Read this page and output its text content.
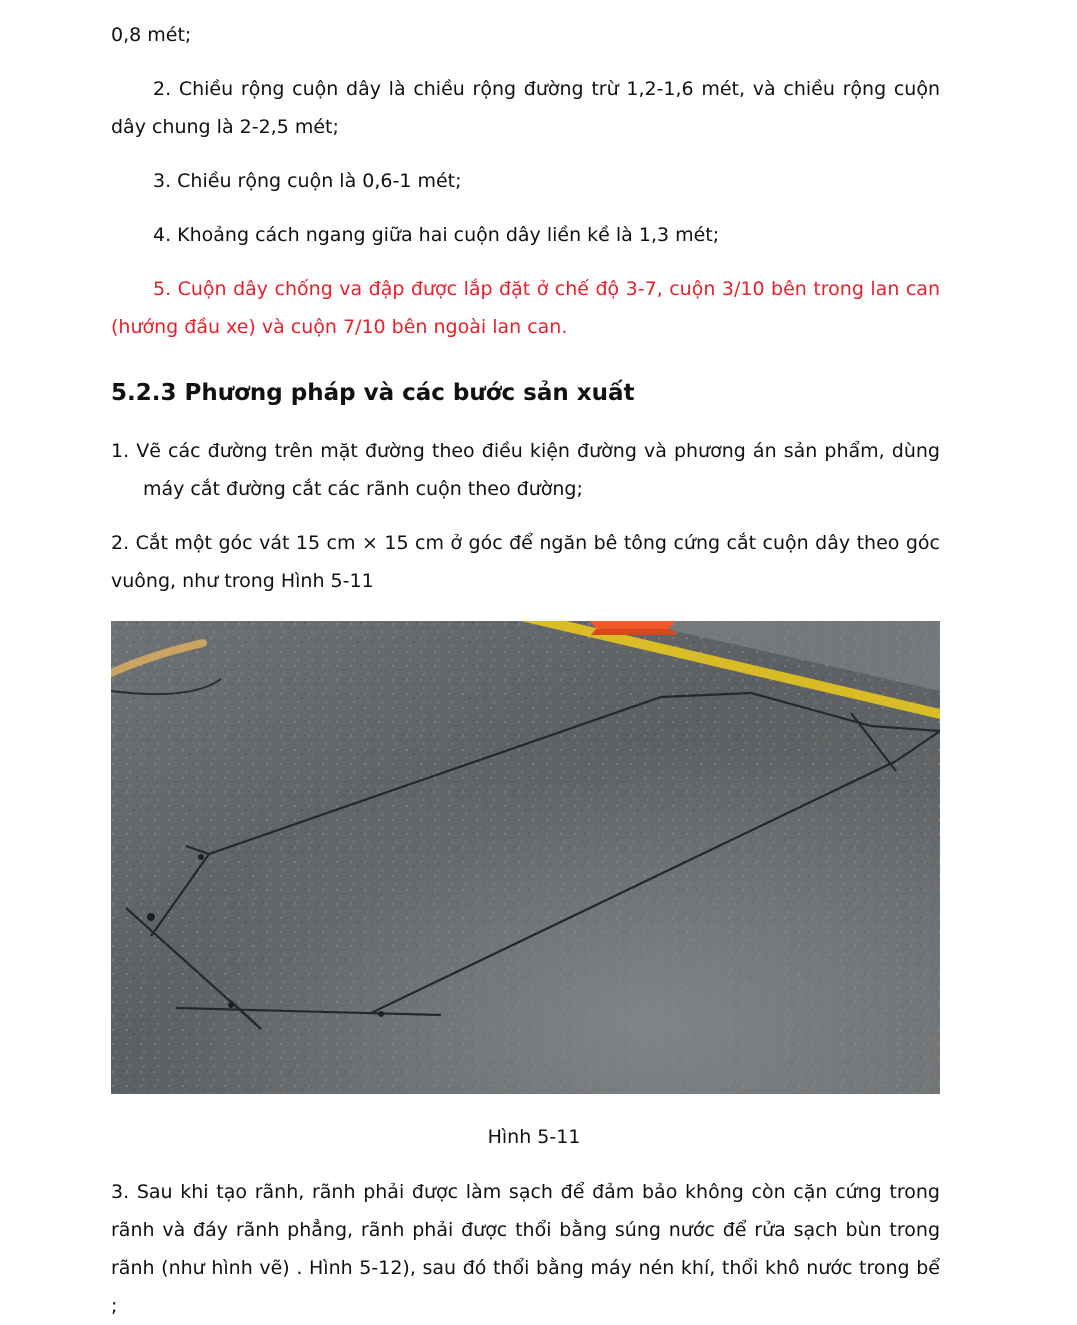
0,8 mét;

2. Chiều rộng cuộn dây là chiều rộng đường trừ 1,2-1,6 mét, và chiều rộng cuộn dây chung là 2-2,5 mét;

3. Chiều rộng cuộn là 0,6-1 mét;

4. Khoảng cách ngang giữa hai cuộn dây liền kề là 1,3 mét;

5. Cuộn dây chống va đập được lắp đặt ở chế độ 3-7, cuộn 3/10 bên trong lan can (hướng đầu xe) và cuộn 7/10 bên ngoài lan can.

5.2.3 Phương pháp và các bước sản xuất

1. Vẽ các đường trên mặt đường theo điều kiện đường và phương án sản phẩm, dùng máy cắt đường cắt các rãnh cuộn theo đường;

2. Cắt một góc vát 15 cm × 15 cm ở góc để ngăn bê tông cứng cắt cuộn dây theo góc vuông, như trong Hình 5-11

Hình 5-11

3. Sau khi tạo rãnh, rãnh phải được làm sạch để đảm bảo không còn cặn cứng trong rãnh và đáy rãnh phẳng, rãnh phải được thổi bằng súng nước để rửa sạch bùn trong rãnh (như hình vẽ) . Hình 5-12), sau đó thổi bằng máy nén khí, thổi khô nước trong bể ;
